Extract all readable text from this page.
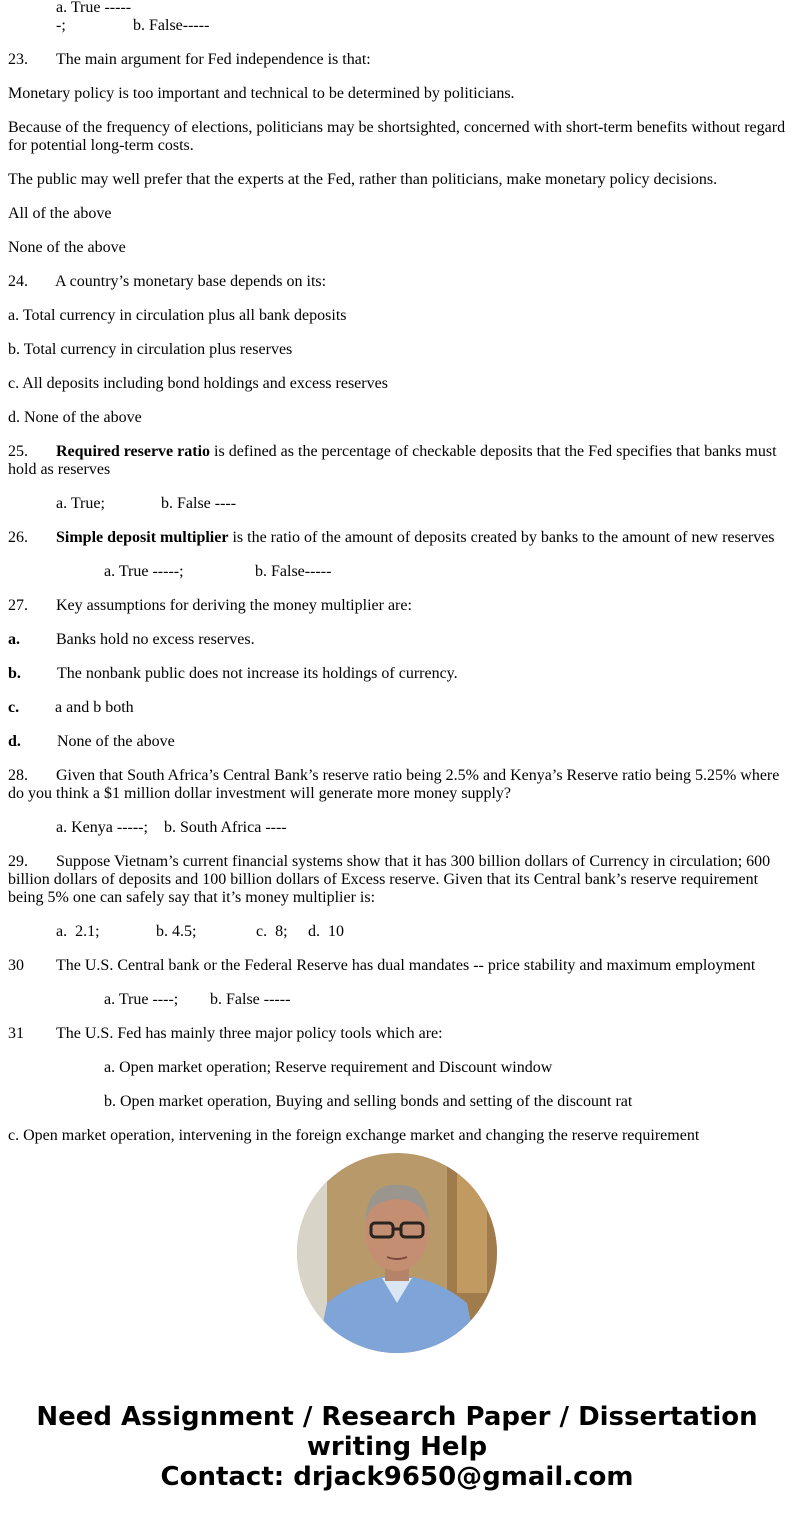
a. True ------;	b. False-----

23. The main argument for Fed independence is that:

Monetary policy is too important and technical to be determined by politicians.

Because of the frequency of elections, politicians may be shortsighted, concerned with short-term benefits without regard for potential long-term costs.

The public may well prefer that the experts at the Fed, rather than politicians, make monetary policy decisions.

All of the above

None of the above

24. A country’s monetary base depends on its:

a. Total currency in circulation plus all bank deposits

b. Total currency in circulation plus reserves

c. All deposits including bond holdings and excess reserves

d. None of the above

25. Required reserve ratio is defined as the percentage of checkable deposits that the Fed specifies that banks must hold as reserves

a. True;	b. False ----

26. Simple deposit multiplier is the ratio of the amount of deposits created by banks to the amount of new reserves

a. True -----;	b. False-----

27. Key assumptions for deriving the money multiplier are:

a. Banks hold no excess reserves.

b. The nonbank public does not increase its holdings of currency.

c. a and b both

d. None of the above

28. Given that South Africa’s Central Bank’s reserve ratio being 2.5% and Kenya’s Reserve ratio being 5.25% where do you think a $1 million dollar investment will generate more money supply?

a. Kenya -----; b. South Africa ----

29. Suppose Vietnam’s current financial systems show that it has 300 billion dollars of Currency in circulation; 600 billion dollars of deposits and 100 billion dollars of Excess reserve. Given that its Central bank’s reserve requirement being 5% one can safely say that it’s money multiplier is:

a.  2.1;	b. 4.5;	c.  8; d.  10

30 The U.S. Central bank or the Federal Reserve has dual mandates -- price stability and maximum employment

a. True ----; b. False -----

31 The U.S. Fed has mainly three major policy tools which are:

a. Open market operation; Reserve requirement and Discount window

b. Open market operation, Buying and selling bonds and setting of the discount rat

c. Open market operation, intervening in the foreign exchange market and changing the reserve requirement

Need Assignment / Research Paper / Dissertation
writing Help
Contact: drjack9650@gmail.com
